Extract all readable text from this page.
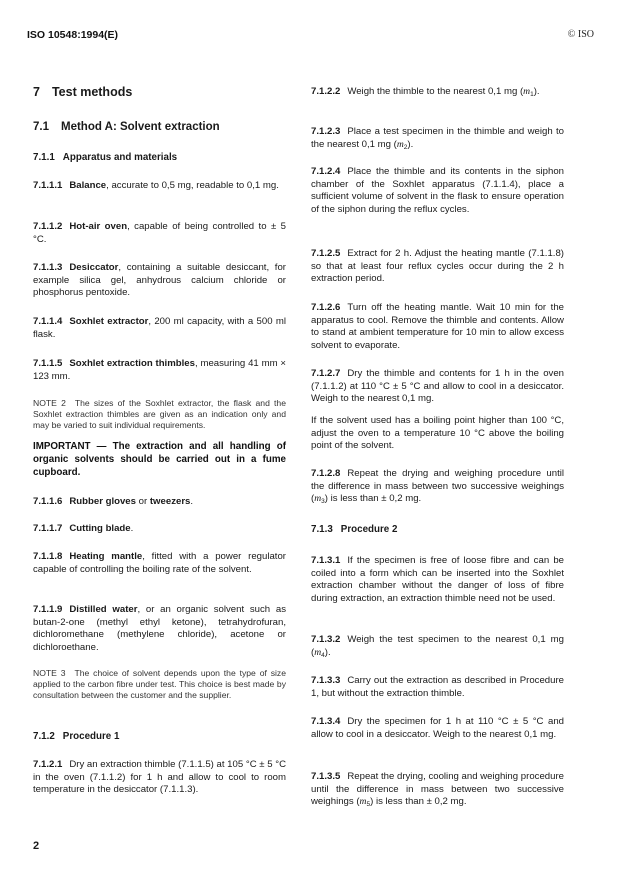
ISO 10548:1994(E)	© ISO
7 Test methods
7.1 Method A: Solvent extraction
7.1.1 Apparatus and materials
7.1.1.1 Balance, accurate to 0,5 mg, readable to 0,1 mg.
7.1.1.2 Hot-air oven, capable of being controlled to ± 5 °C.
7.1.1.3 Desiccator, containing a suitable desiccant, for example silica gel, anhydrous calcium chloride or phosphorus pentoxide.
7.1.1.4 Soxhlet extractor, 200 ml capacity, with a 500 ml flask.
7.1.1.5 Soxhlet extraction thimbles, measuring 41 mm × 123 mm.
NOTE 2 The sizes of the Soxhlet extractor, the flask and the Soxhlet extraction thimbles are given as an indication only and may be varied to suit individual requirements.
IMPORTANT — The extraction and all handling of organic solvents should be carried out in a fume cupboard.
7.1.1.6 Rubber gloves or tweezers.
7.1.1.7 Cutting blade.
7.1.1.8 Heating mantle, fitted with a power regulator capable of controlling the boiling rate of the solvent.
7.1.1.9 Distilled water, or an organic solvent such as butan-2-one (methyl ethyl ketone), tetrahydrofuran, dichloromethane (methylene chloride), acetone or dichloroethane.
NOTE 3 The choice of solvent depends upon the type of size applied to the carbon fibre under test. This choice is best made by consultation between the customer and the supplier.
7.1.2 Procedure 1
7.1.2.1 Dry an extraction thimble (7.1.1.5) at 105 °C ± 5 °C in the oven (7.1.1.2) for 1 h and allow to cool to room temperature in the desiccator (7.1.1.3).
7.1.2.2 Weigh the thimble to the nearest 0,1 mg $(m_1)$.
7.1.2.3 Place a test specimen in the thimble and weigh to the nearest 0,1 mg $(m_2)$.
7.1.2.4 Place the thimble and its contents in the siphon chamber of the Soxhlet apparatus (7.1.1.4), place a sufficient volume of solvent in the flask to ensure operation of the siphon during the reflux cycles.
7.1.2.5 Extract for 2 h. Adjust the heating mantle (7.1.1.8) so that at least four reflux cycles occur during the 2 h extraction period.
7.1.2.6 Turn off the heating mantle. Wait 10 min for the apparatus to cool. Remove the thimble and contents. Allow to stand at ambient temperature for 10 min to allow excess solvent to evaporate.
7.1.2.7 Dry the thimble and contents for 1 h in the oven (7.1.1.2) at 110 °C ± 5 °C and allow to cool in a desiccator. Weigh to the nearest 0,1 mg.
If the solvent used has a boiling point higher than 100 °C, adjust the oven to a temperature 10 °C above the boiling point of the solvent.
7.1.2.8 Repeat the drying and weighing procedure until the difference in mass between two successive weighings $(m_3)$ is less than ± 0,2 mg.
7.1.3 Procedure 2
7.1.3.1 If the specimen is free of loose fibre and can be coiled into a form which can be inserted into the Soxhlet extraction chamber without the danger of loss of fibre during extraction, an extraction thimble need not be used.
7.1.3.2 Weigh the test specimen to the nearest 0,1 mg $(m_4)$.
7.1.3.3 Carry out the extraction as described in Procedure 1, but without the extraction thimble.
7.1.3.4 Dry the specimen for 1 h at 110 °C ± 5 °C and allow to cool in a desiccator. Weigh to the nearest 0,1 mg.
7.1.3.5 Repeat the drying, cooling and weighing procedure until the difference in mass between two successive weighings $(m_5)$ is less than ± 0,2 mg.
2
